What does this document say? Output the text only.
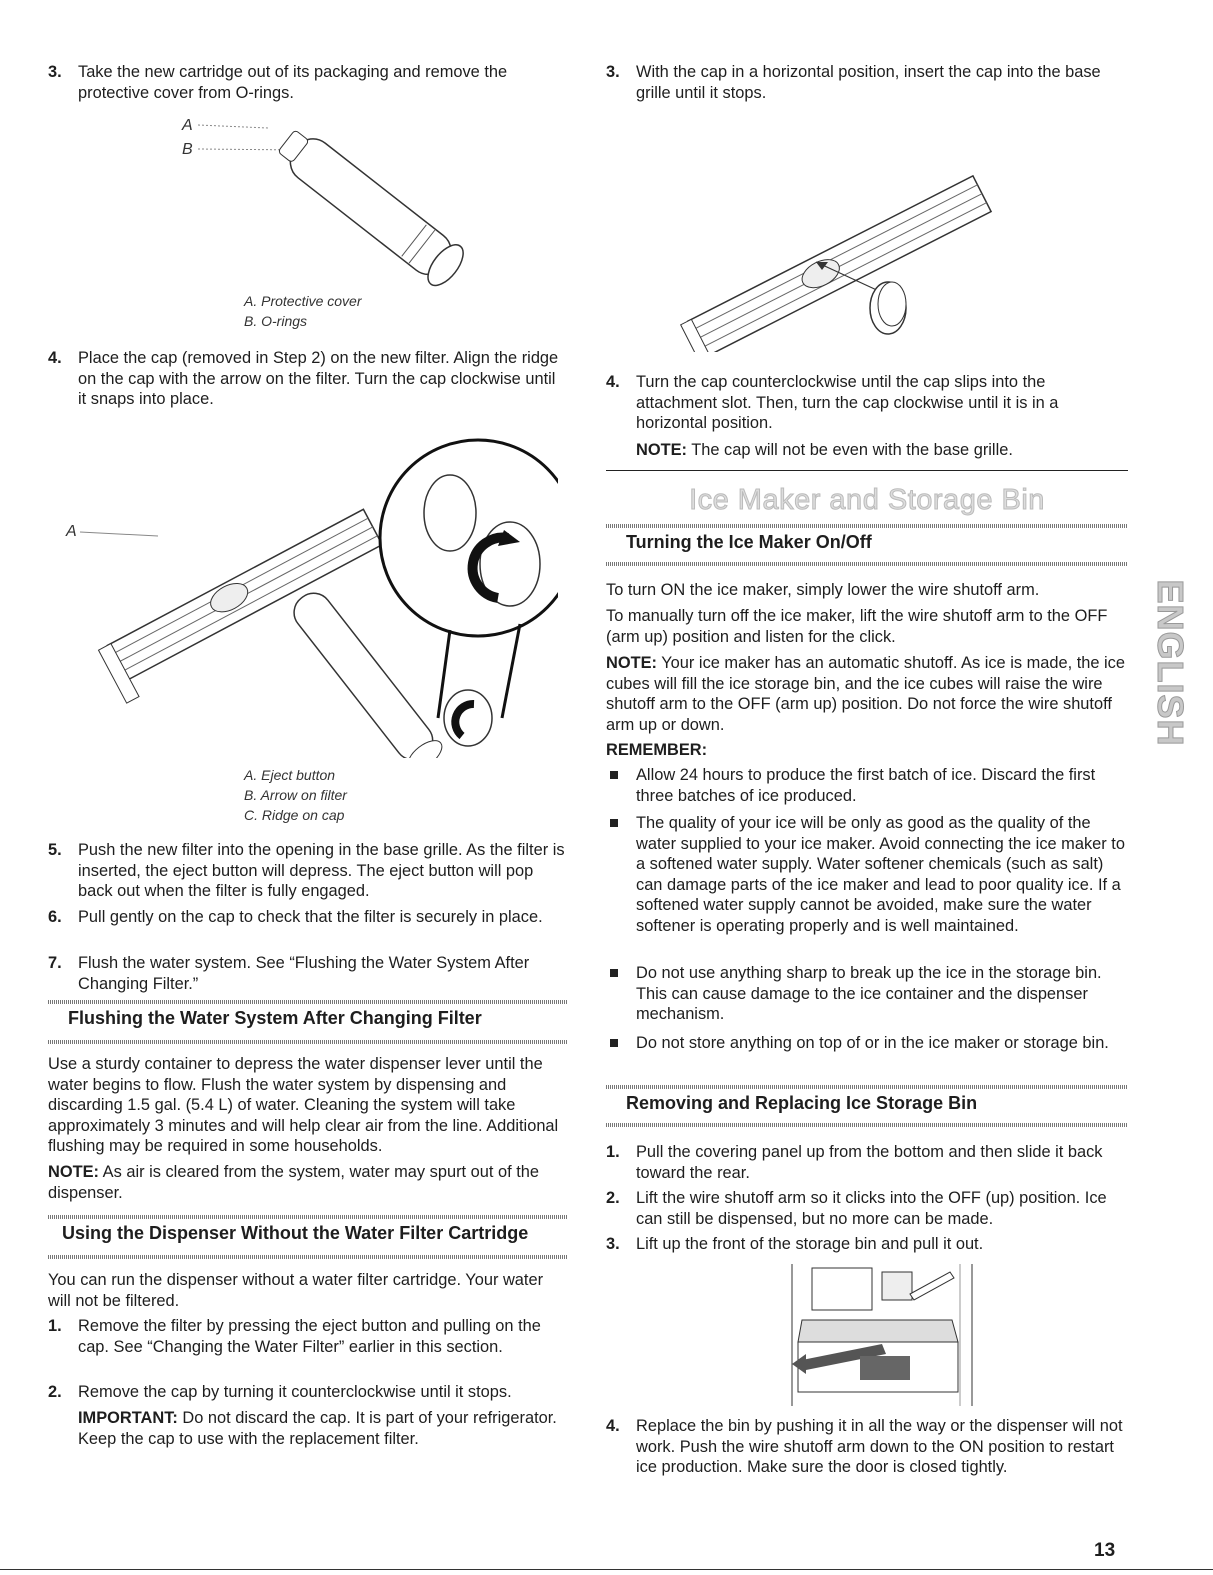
3. Take the new cartridge out of its packaging and remove the protective cover from O-rings.
A
B
A. Protective cover
B. O-rings
4. Place the cap (removed in Step 2) on the new filter. Align the ridge on the cap with the arrow on the filter. Turn the cap clockwise until it snaps into place.
A
A. Eject button
B. Arrow on filter
C. Ridge on cap
5. Push the new filter into the opening in the base grille. As the filter is inserted, the eject button will depress. The eject button will pop back out when the filter is fully engaged.
6. Pull gently on the cap to check that the filter is securely in place.
7. Flush the water system. See “Flushing the Water System After Changing Filter.”
Flushing the Water System After Changing Filter
Use a sturdy container to depress the water dispenser lever until the water begins to flow. Flush the water system by dispensing and discarding 1.5 gal. (5.4 L) of water. Cleaning the system will take approximately 3 minutes and will help clear air from the line. Additional flushing may be required in some households.
NOTE: As air is cleared from the system, water may spurt out of the dispenser.
Using the Dispenser Without the Water Filter Cartridge
You can run the dispenser without a water filter cartridge. Your water will not be filtered.
1. Remove the filter by pressing the eject button and pulling on the cap. See “Changing the Water Filter” earlier in this section.
2. Remove the cap by turning it counterclockwise until it stops.
IMPORTANT: Do not discard the cap. It is part of your refrigerator. Keep the cap to use with the replacement filter.
3. With the cap in a horizontal position, insert the cap into the base grille until it stops.
4. Turn the cap counterclockwise until the cap slips into the attachment slot. Then, turn the cap clockwise until it is in a horizontal position.
NOTE: The cap will not be even with the base grille.
Ice Maker and Storage Bin
Turning the Ice Maker On/Off
To turn ON the ice maker, simply lower the wire shutoff arm.
To manually turn off the ice maker, lift the wire shutoff arm to the OFF (arm up) position and listen for the click.
NOTE: Your ice maker has an automatic shutoff. As ice is made, the ice cubes will fill the ice storage bin, and the ice cubes will raise the wire shutoff arm to the OFF (arm up) position. Do not force the wire shutoff arm up or down.
REMEMBER:
Allow 24 hours to produce the first batch of ice. Discard the first three batches of ice produced.
The quality of your ice will be only as good as the quality of the water supplied to your ice maker. Avoid connecting the ice maker to a softened water supply. Water softener chemicals (such as salt) can damage parts of the ice maker and lead to poor quality ice. If a softened water supply cannot be avoided, make sure the water softener is operating properly and is well maintained.
Do not use anything sharp to break up the ice in the storage bin. This can cause damage to the ice container and the dispenser mechanism.
Do not store anything on top of or in the ice maker or storage bin.
Removing and Replacing Ice Storage Bin
1. Pull the covering panel up from the bottom and then slide it back toward the rear.
2. Lift the wire shutoff arm so it clicks into the OFF (up) position. Ice can still be dispensed, but no more can be made.
3. Lift up the front of the storage bin and pull it out.
4. Replace the bin by pushing it in all the way or the dispenser will not work. Push the wire shutoff arm down to the ON position to restart ice production. Make sure the door is closed tightly.
ENGLISH
13
